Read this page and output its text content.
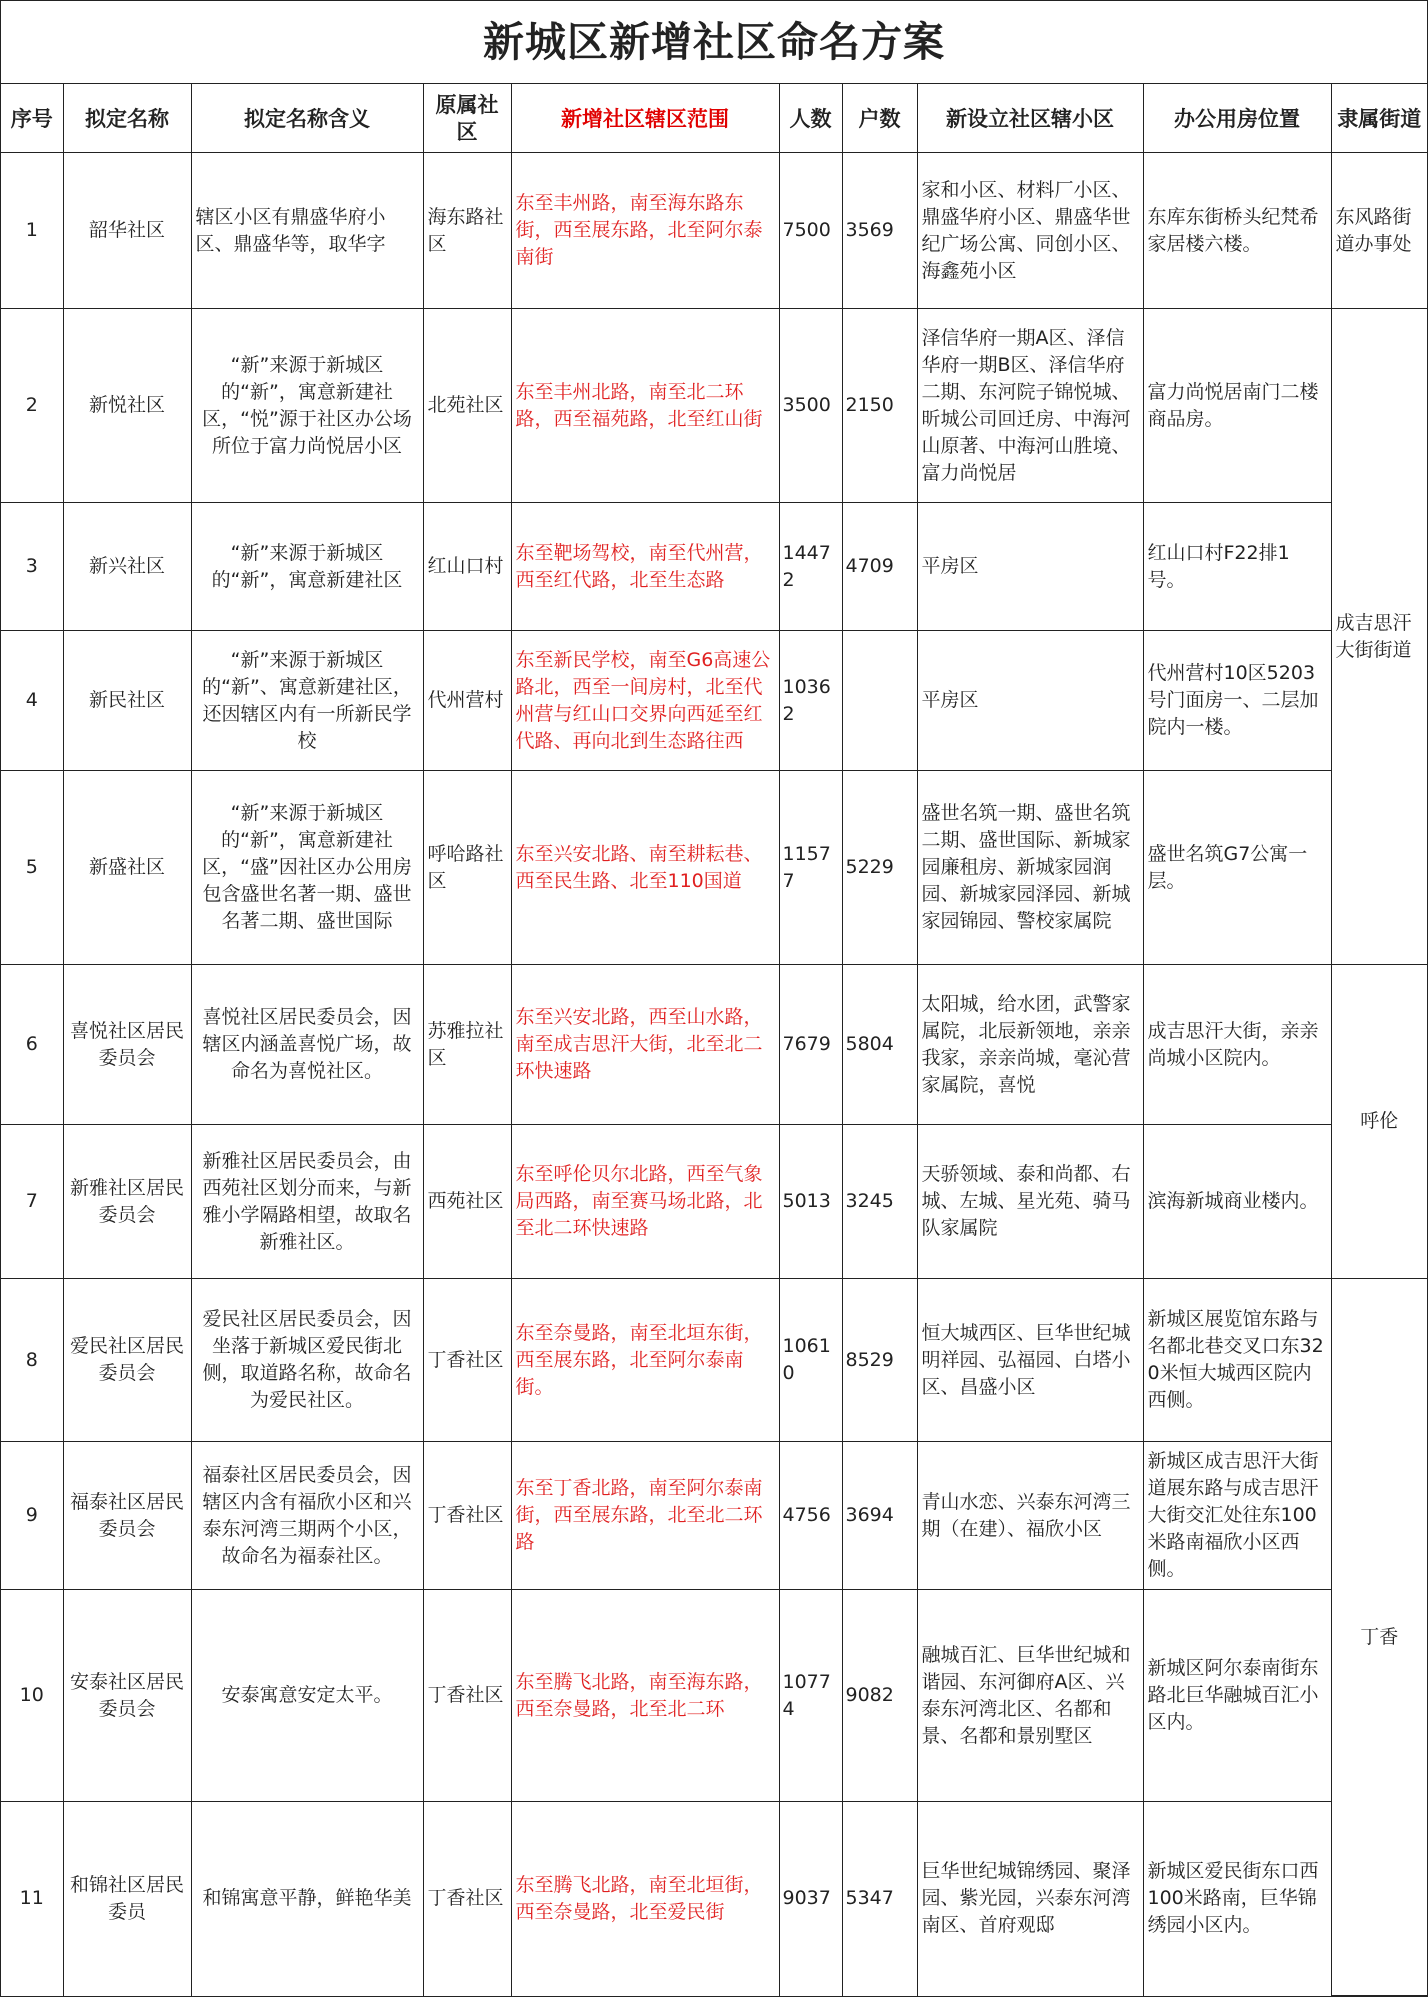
新城区新增社区命名方案
序号	拟定名称	拟定名称含义	原属社区	新增社区辖区范围	人数	户数	新设立社区辖小区	办公用房位置	隶属街道
1	韶华社区	辖区小区有鼎盛华府小区、鼎盛华等，取华字	海东路社区	东至丰州路，南至海东路东街，西至展东路，北至阿尔泰南街	7500	3569	家和小区、材料厂小区、鼎盛华府小区、鼎盛华世纪广场公寓、同创小区、海鑫苑小区	东库东街桥头纪梵希家居楼六楼。	东风路街道办事处
2	新悦社区	“新”来源于新城区的“新”，寓意新建社区，“悦”源于社区办公场所位于富力尚悦居小区	北苑社区	东至丰州北路，南至北二环路，西至福苑路，北至红山街	3500	2150	泽信华府一期A区、泽信华府一期B区、泽信华府二期、东河院子锦悦城、昕城公司回迁房、中海河山原著、中海河山胜境、富力尚悦居	富力尚悦居南门二楼商品房。	成吉思汗大街街道
3	新兴社区	“新”来源于新城区的“新”，寓意新建社区	红山口村	东至靶场驾校，南至代州营，西至红代路，北至生态路	14472	4709	平房区	红山口村F22排1号。	
4	新民社区	“新”来源于新城区的“新”、寓意新建社区，还因辖区内有一所新民学校	代州营村	东至新民学校，南至G6高速公路北，西至一间房村，北至代州营与红山口交界向西延至红代路、再向北到生态路往西	10362		平房区	代州营村10区5203号门面房一、二层加院内一楼。	
5	新盛社区	“新”来源于新城区的“新”，寓意新建社区，“盛”因社区办公用房包含盛世名著一期、盛世名著二期、盛世国际	呼哈路社区	东至兴安北路、南至耕耘巷、西至民生路、北至110国道	11577	5229	盛世名筑一期、盛世名筑二期、盛世国际、新城家园廉租房、新城家园润园、新城家园泽园、新城家园锦园、警校家属院	盛世名筑G7公寓一层。	
6	喜悦社区居民委员会	喜悦社区居民委员会，因辖区内涵盖喜悦广场，故命名为喜悦社区。	苏雅拉社区	东至兴安北路，西至山水路，南至成吉思汗大街，北至北二环快速路	7679	5804	太阳城，给水团，武警家属院，北辰新领地，亲亲我家，亲亲尚城，毫沁营家属院，喜悦	成吉思汗大街，亲亲尚城小区院内。	呼伦
7	新雅社区居民委员会	新雅社区居民委员会，由西苑社区划分而来，与新雅小学隔路相望，故取名新雅社区。	西苑社区	东至呼伦贝尔北路，西至气象局西路，南至赛马场北路，北至北二环快速路	5013	3245	天骄领域、泰和尚都、右城、左城、星光苑、骑马队家属院	滨海新城商业楼内。	
8	爱民社区居民委员会	爱民社区居民委员会，因坐落于新城区爱民街北侧，取道路名称，故命名为爱民社区。	丁香社区	东至奈曼路，南至北垣东街，西至展东路，北至阿尔泰南街。	10610	8529	恒大城西区、巨华世纪城明祥园、弘福园、白塔小区、昌盛小区	新城区展览馆东路与名都北巷交叉口东320米恒大城西区院内西侧。	丁香
9	福泰社区居民委员会	福泰社区居民委员会，因辖区内含有福欣小区和兴泰东河湾三期两个小区，故命名为福泰社区。	丁香社区	东至丁香北路，南至阿尔泰南街，西至展东路，北至北二环路	4756	3694	青山水恋、兴泰东河湾三期（在建）、福欣小区	新城区成吉思汗大街道展东路与成吉思汗大街交汇处往东100米路南福欣小区西侧。	
10	安泰社区居民委员会	安泰寓意安定太平。	丁香社区	东至腾飞北路，南至海东路，西至奈曼路，北至北二环	10774	9082	融城百汇、巨华世纪城和谐园、东河御府A区、兴泰东河湾北区、名都和景、名都和景别墅区	新城区阿尔泰南街东路北巨华融城百汇小区内。	
11	和锦社区居民委员	和锦寓意平静，鲜艳华美	丁香社区	东至腾飞北路，南至北垣街，西至奈曼路，北至爱民街	9037	5347	巨华世纪城锦绣园、聚泽园、紫光园，兴泰东河湾南区、首府观邸	新城区爱民街东口西100米路南，巨华锦绣园小区内。	
